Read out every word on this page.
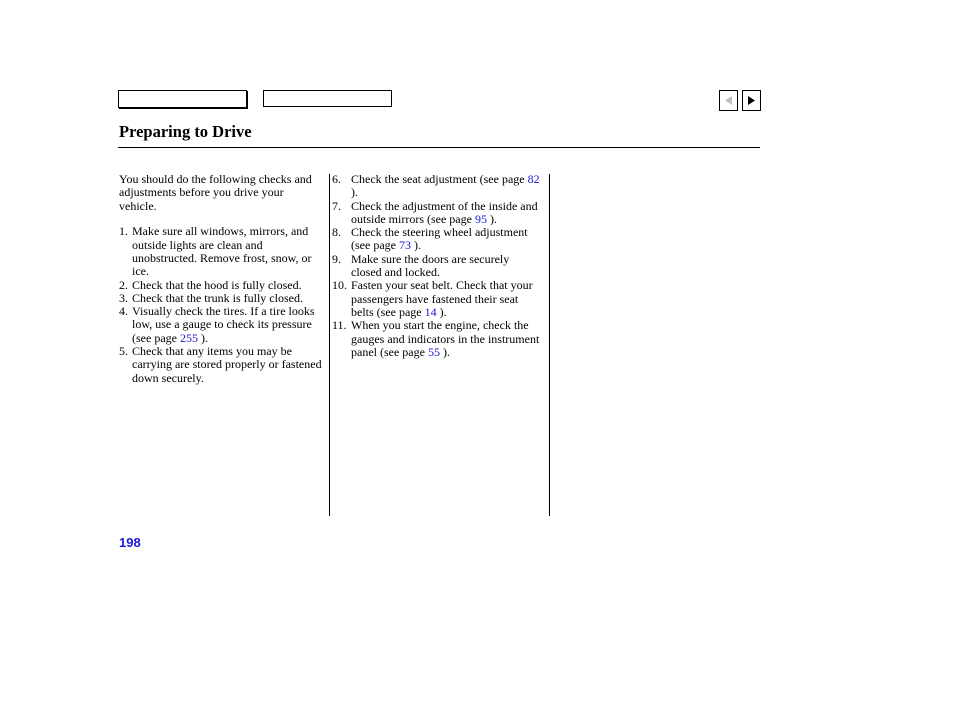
Preparing to Drive

You should do the following checks and adjustments before you drive your vehicle.

1. Make sure all windows, mirrors, and outside lights are clean and unobstructed. Remove frost, snow, or ice.
2. Check that the hood is fully closed.
3. Check that the trunk is fully closed.
4. Visually check the tires. If a tire looks low, use a gauge to check its pressure (see page 255 ).
5. Check that any items you may be carrying are stored properly or fastened down securely.
6. Check the seat adjustment (see page 82 ).
7. Check the adjustment of the inside and outside mirrors (see page 95 ).
8. Check the steering wheel adjustment (see page 73 ).
9. Make sure the doors are securely closed and locked.
10. Fasten your seat belt. Check that your passengers have fastened their seat belts (see page 14 ).
11. When you start the engine, check the gauges and indicators in the instrument panel (see page 55 ).
198
